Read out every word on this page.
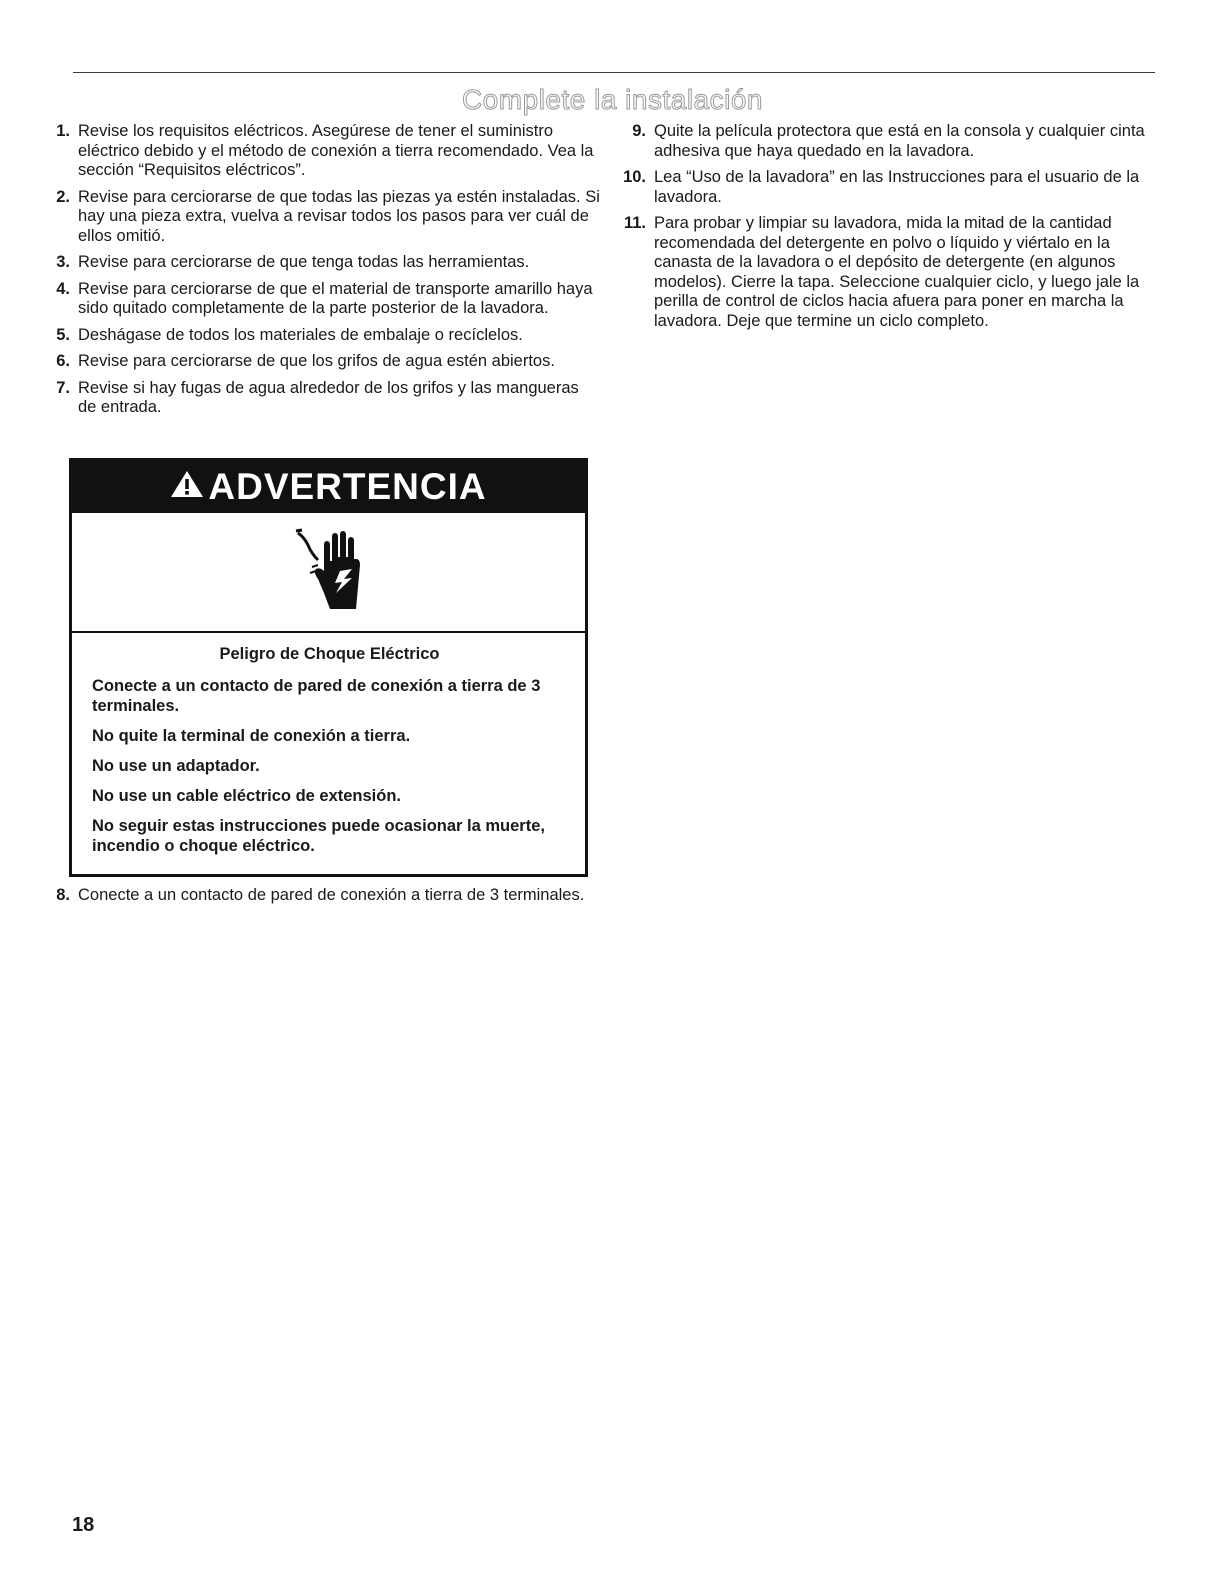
Complete la instalación
1. Revise los requisitos eléctricos. Asegúrese de tener el suministro eléctrico debido y el método de conexión a tierra recomendado. Vea la sección “Requisitos eléctricos”.
2. Revise para cerciorarse de que todas las piezas ya estén instaladas. Si hay una pieza extra, vuelva a revisar todos los pasos para ver cuál de ellos omitió.
3. Revise para cerciorarse de que tenga todas las herramientas.
4. Revise para cerciorarse de que el material de transporte amarillo haya sido quitado completamente de la parte posterior de la lavadora.
5. Deshágase de todos los materiales de embalaje o recíclelos.
6. Revise para cerciorarse de que los grifos de agua estén abiertos.
7. Revise si hay fugas de agua alrededor de los grifos y las mangueras de entrada.
ADVERTENCIA

Peligro de Choque Eléctrico

Conecte a un contacto de pared de conexión a tierra de 3 terminales.

No quite la terminal de conexión a tierra.

No use un adaptador.

No use un cable eléctrico de extensión.

No seguir estas instrucciones puede ocasionar la muerte, incendio o choque eléctrico.

8. Conecte a un contacto de pared de conexión a tierra de 3 terminales.
9. Quite la película protectora que está en la consola y cualquier cinta adhesiva que haya quedado en la lavadora.
10. Lea “Uso de la lavadora” en las Instrucciones para el usuario de la lavadora.
11. Para probar y limpiar su lavadora, mida la mitad de la cantidad recomendada del detergente en polvo o líquido y viértalo en la canasta de la lavadora o el depósito de detergente (en algunos modelos). Cierre la tapa. Seleccione cualquier ciclo, y luego jale la perilla de control de ciclos hacia afuera para poner en marcha la lavadora. Deje que termine un ciclo completo.
18
